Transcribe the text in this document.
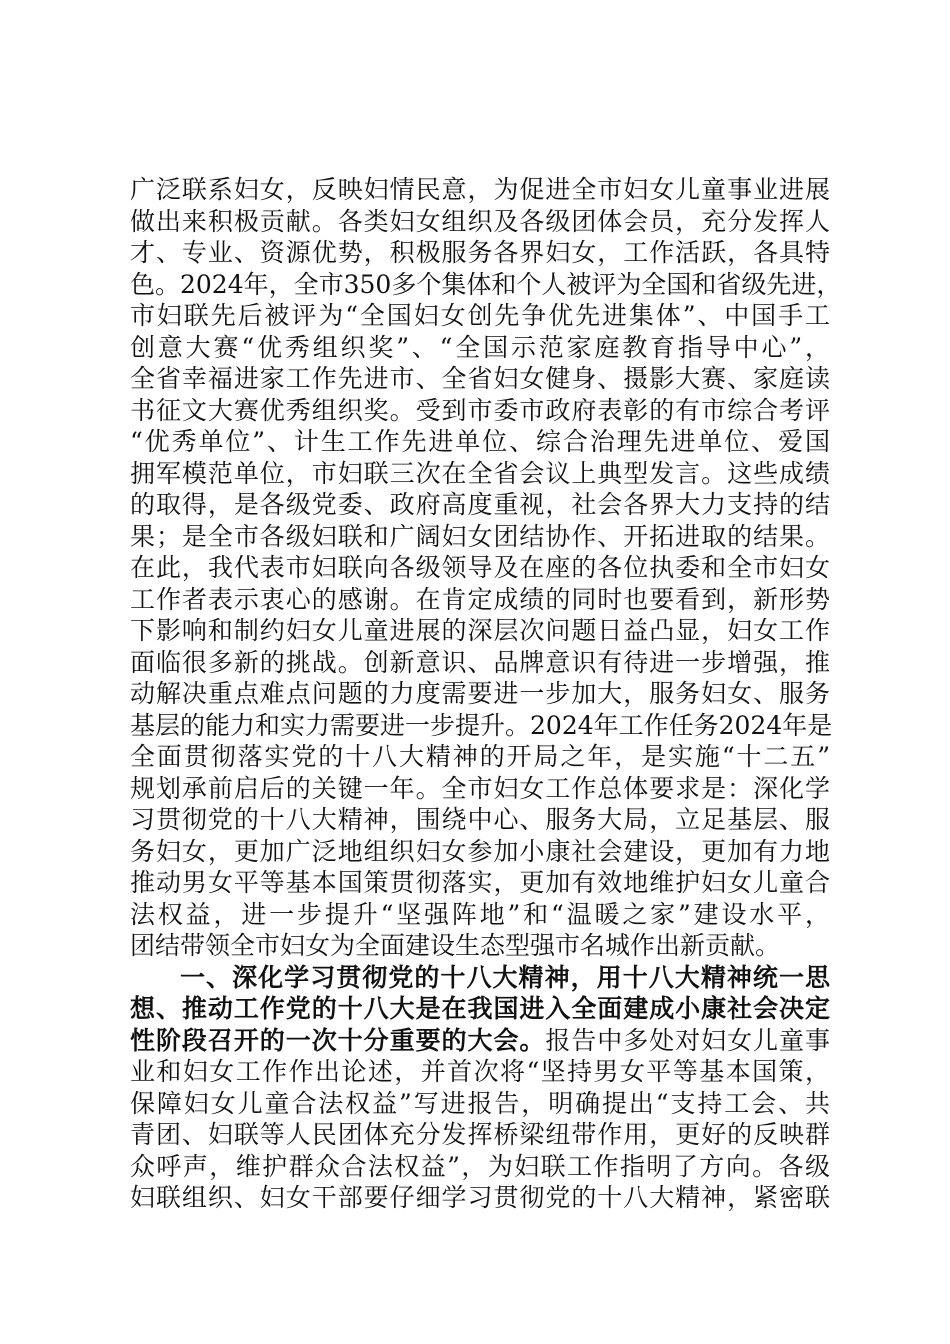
广泛联系妇女，反映妇情民意，为促进全市妇女儿童事业进展
做出来积极贡献。各类妇女组织及各级团体会员，充分发挥人
才、专业、资源优势，积极服务各界妇女，工作活跃，各具特
色。2024年，全市350多个集体和个人被评为全国和省级先进，
市妇联先后被评为“全国妇女创先争优先进集体”、中国手工
创意大赛“优秀组织奖”、“全国示范家庭教育指导中心”，
全省幸福进家工作先进市、全省妇女健身、摄影大赛、家庭读
书征文大赛优秀组织奖。受到市委市政府表彰的有市综合考评
“优秀单位”、计生工作先进单位、综合治理先进单位、爱国
拥军模范单位，市妇联三次在全省会议上典型发言。这些成绩
的取得，是各级党委、政府高度重视，社会各界大力支持的结
果；是全市各级妇联和广阔妇女团结协作、开拓进取的结果。
在此，我代表市妇联向各级领导及在座的各位执委和全市妇女
工作者表示衷心的感谢。在肯定成绩的同时也要看到，新形势
下影响和制约妇女儿童进展的深层次问题日益凸显，妇女工作
面临很多新的挑战。创新意识、品牌意识有待进一步增强，推
动解决重点难点问题的力度需要进一步加大，服务妇女、服务
基层的能力和实力需要进一步提升。2024年工作任务2024年是
全面贯彻落实党的十八大精神的开局之年，是实施“十二五”
规划承前启后的关键一年。全市妇女工作总体要求是：深化学
习贯彻党的十八大精神，围绕中心、服务大局，立足基层、服
务妇女，更加广泛地组织妇女参加小康社会建设，更加有力地
推动男女平等基本国策贯彻落实，更加有效地维护妇女儿童合
法权益，进一步提升“坚强阵地”和“温暖之家”建设水平，
团结带领全市妇女为全面建设生态型强市名城作出新贡献。
一、深化学习贯彻党的十八大精神，用十八大精神统一思
想、推动工作党的十八大是在我国进入全面建成小康社会决定
性阶段召开的一次十分重要的大会。报告中多处对妇女儿童事
业和妇女工作作出论述，并首次将“坚持男女平等基本国策，
保障妇女儿童合法权益”写进报告，明确提出“支持工会、共
青团、妇联等人民团体充分发挥桥梁纽带作用，更好的反映群
众呼声，维护群众合法权益”，为妇联工作指明了方向。各级
妇联组织、妇女干部要仔细学习贯彻党的十八大精神，紧密联
